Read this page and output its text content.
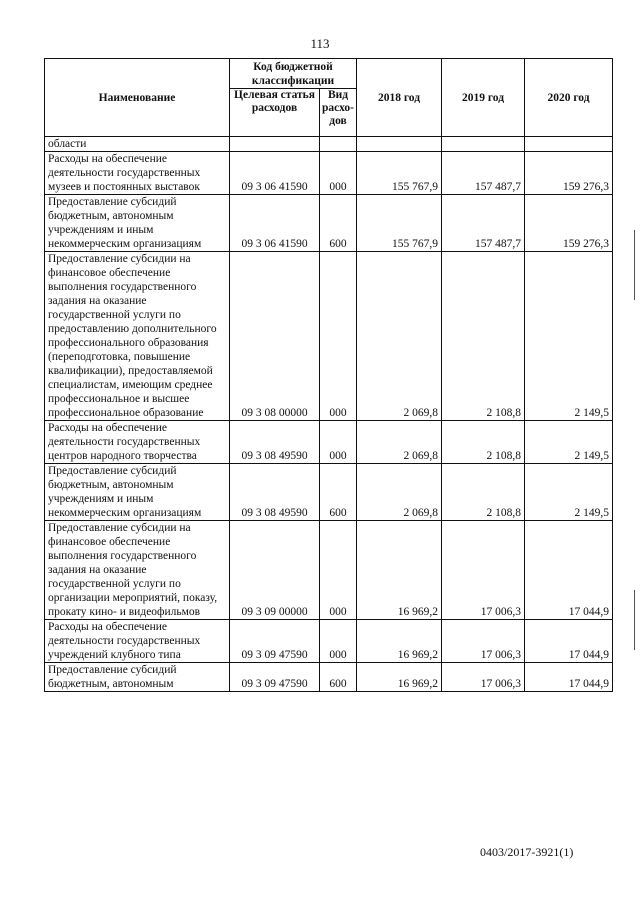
113
Наименование	Код бюджетной классификации		2018 год	2019 год	2020 год
	Целевая статья расходов	Вид расхо-дов			
области					
Расходы на обеспечение деятельности государственных музеев и постоянных выставок	09 3 06 41590	000	155 767,9	157 487,7	159 276,3
Предоставление субсидий бюджетным, автономным учреждениям и иным некоммерческим организациям	09 3 06 41590	600	155 767,9	157 487,7	159 276,3
Предоставление субсидии на финансовое обеспечение выполнения государственного задания на оказание государственной услуги по предоставлению дополнительного профессионального образования (переподготовка, повышение квалификации), предоставляемой специалистам, имеющим среднее профессиональное и высшее профессиональное образование	09 3 08 00000	000	2 069,8	2 108,8	2 149,5
Расходы на обеспечение деятельности государственных центров народного творчества	09 3 08 49590	000	2 069,8	2 108,8	2 149,5
Предоставление субсидий бюджетным, автономным учреждениям и иным некоммерческим организациям	09 3 08 49590	600	2 069,8	2 108,8	2 149,5
Предоставление субсидии на финансовое обеспечение выполнения государственного задания на оказание государственной услуги по организации мероприятий, показу, прокату кино- и видеофильмов	09 3 09 00000	000	16 969,2	17 006,3	17 044,9
Расходы на обеспечение деятельности государственных учреждений клубного типа	09 3 09 47590	000	16 969,2	17 006,3	17 044,9
Предоставление субсидий бюджетным, автономным	09 3 09 47590	600	16 969,2	17 006,3	17 044,9
0403/2017-3921(1)
